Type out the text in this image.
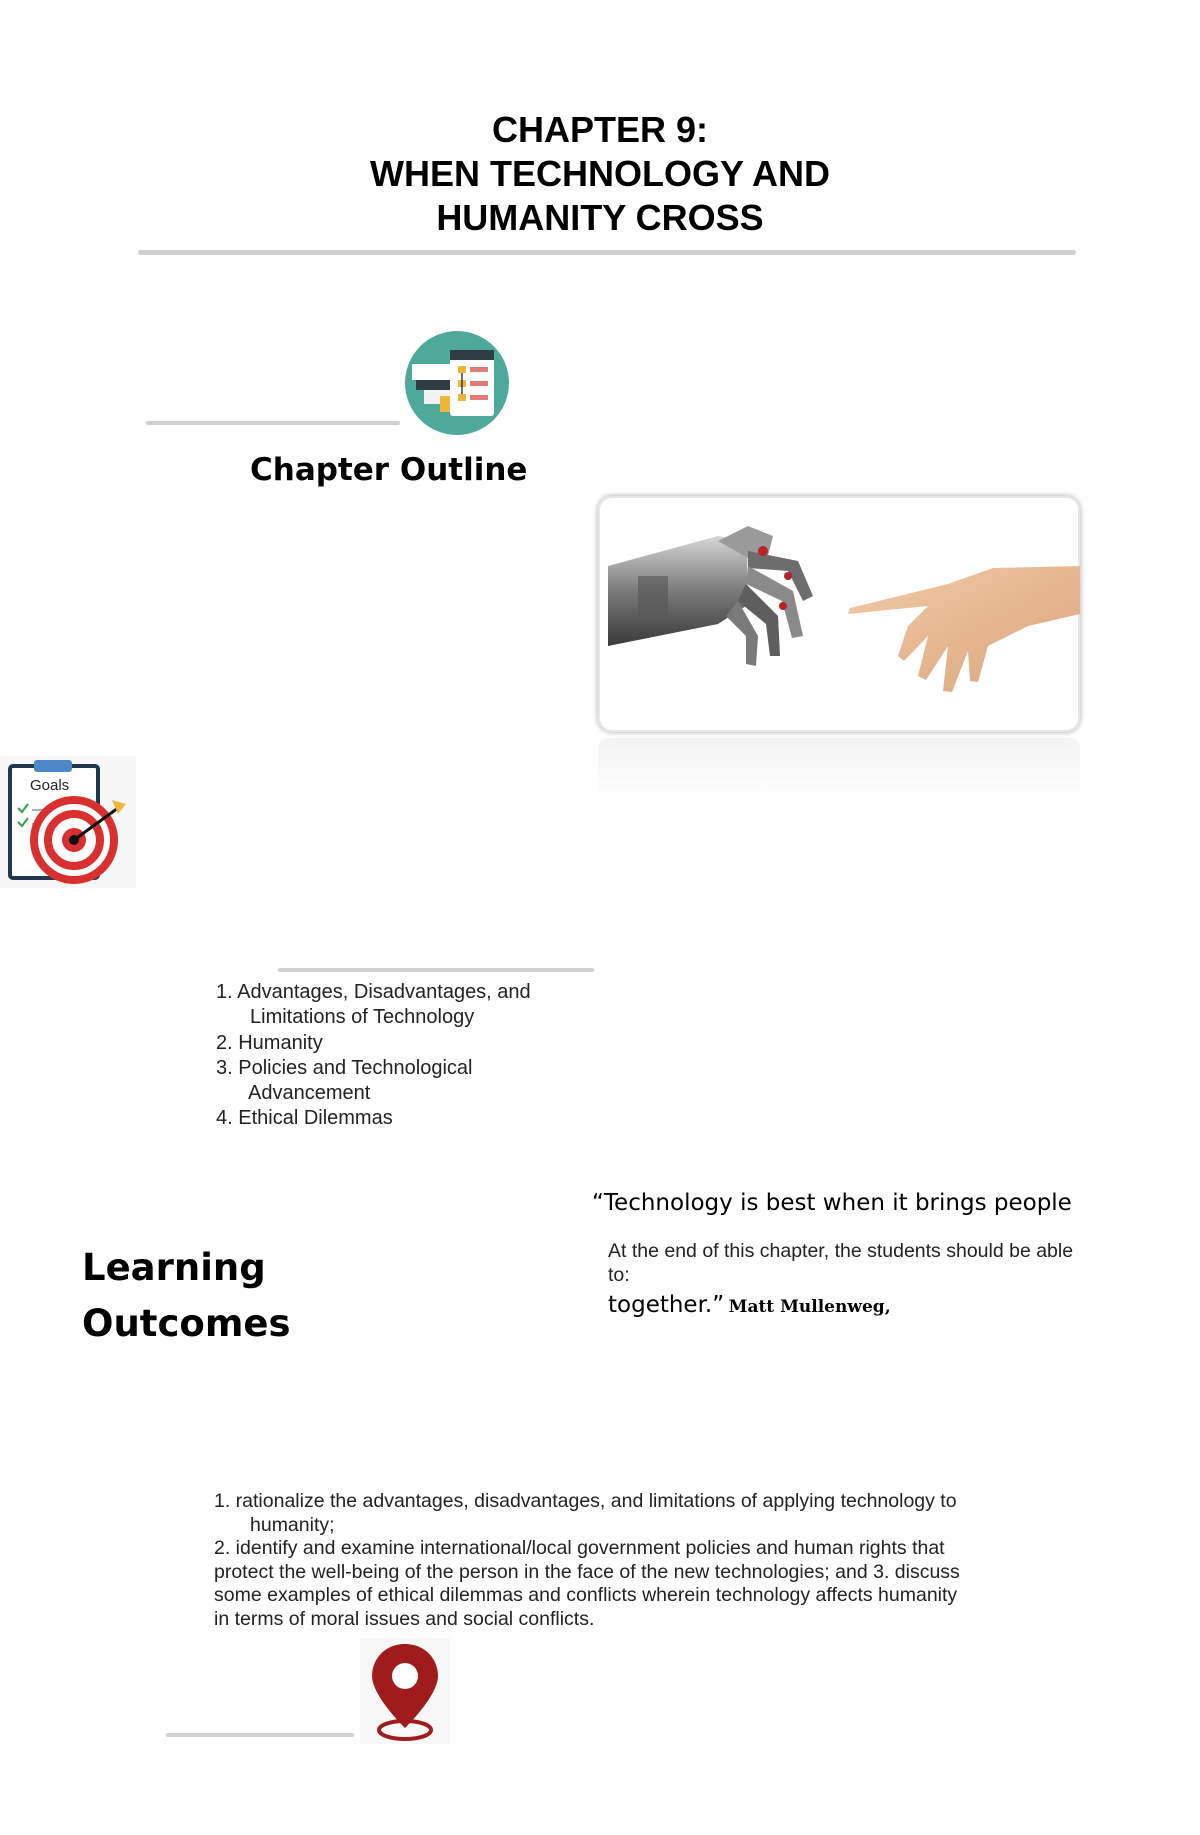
CHAPTER 9:
WHEN TECHNOLOGY AND
HUMANITY CROSS
Chapter Outline
Goals
1. Advantages, Disadvantages, and
Limitations of Technology
2. Humanity
3. Policies and Technological
Advancement
4. Ethical Dilemmas
“Technology is best when it brings people
Learning
Outcomes
At the end of this chapter, the students should be able
to:
together.” Matt Mullenweg,
1. rationalize the advantages, disadvantages, and limitations of applying technology to
humanity;
2. identify and examine international/local government policies and human rights that
protect the well-being of the person in the face of the new technologies; and 3. discuss
some examples of ethical dilemmas and conflicts wherein technology affects humanity
in terms of moral issues and social conflicts.
